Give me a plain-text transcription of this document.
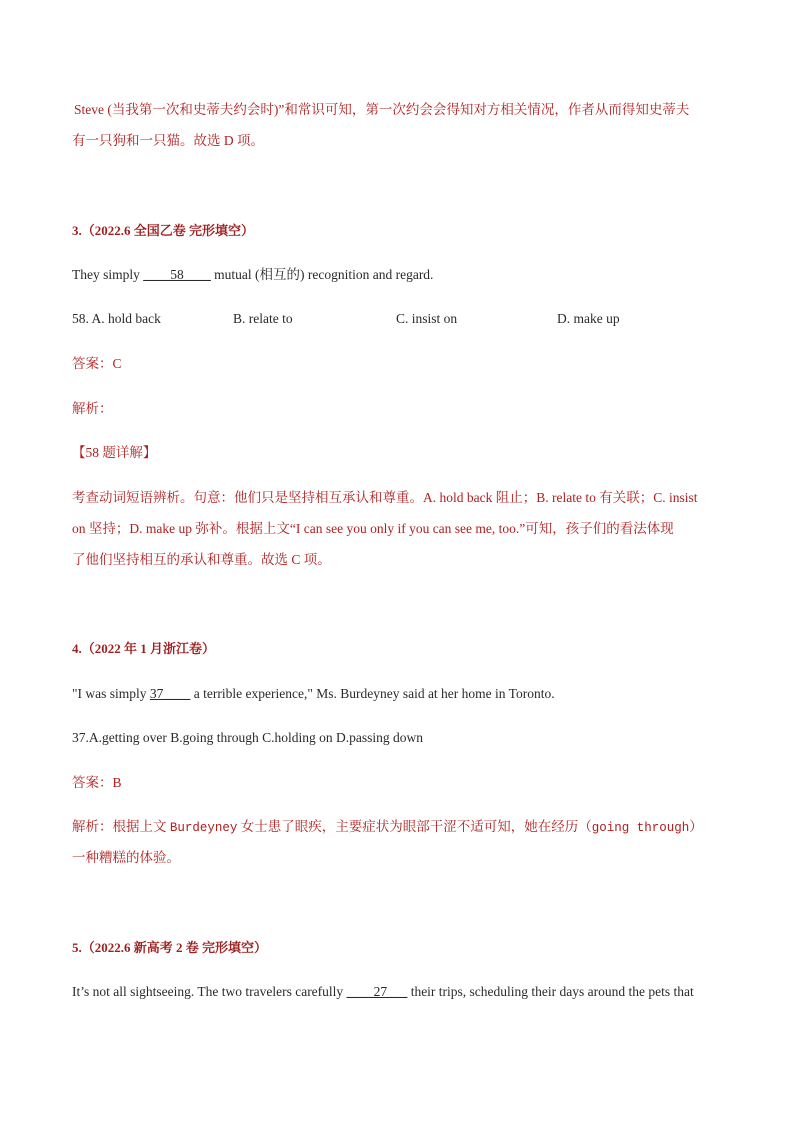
Steve (当我第一次和史蒂夫约会时)”和常识可知，第一次约会会得知对方相关情况，作者从而得知史蒂夫
有一只狗和一只猫。故选 D 项。
3.（2022.6 全国乙卷 完形填空）
They simply ____58____ mutual (相互的) recognition and regard.
58. A. hold back	B. relate to	C. insist on	D. make up
答案：C
解析：
【58 题详解】
考查动词短语辨析。句意：他们只是坚持相互承认和尊重。A. hold back 阻止；B. relate to 有关联；C. insist
on 坚持；D. make up 弥补。根据上文“I can see you only if you can see me, too.”可知，孩子们的看法体现
了他们坚持相互的承认和尊重。故选 C 项。
4.（2022 年 1 月浙江卷）
"I was simply 37____ a terrible experience," Ms. Burdeyney said at her home in Toronto.
37.A.getting over B.going through C.holding on D.passing down
答案：B
解析：根据上文 Burdeyney 女士患了眼疾，主要症状为眼部干涩不适可知，她在经历（going through）
一种糟糕的体验。
5.（2022.6 新高考 2 卷 完形填空）
It’s not all sightseeing. The two travelers carefully ____27___ their trips, scheduling their days around the pets that
